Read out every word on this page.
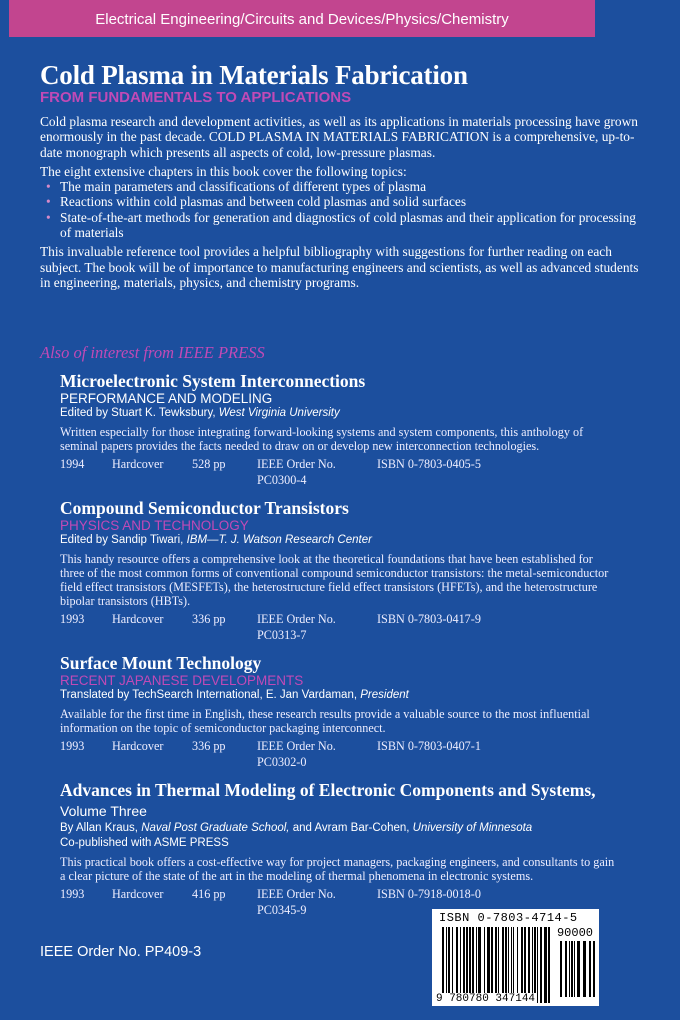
Electrical Engineering/Circuits and Devices/Physics/Chemistry
Cold Plasma in Materials Fabrication
FROM FUNDAMENTALS TO APPLICATIONS
Cold plasma research and development activities, as well as its applications in materials processing have grown enormously in the past decade. COLD PLASMA IN MATERIALS FABRICATION is a comprehensive, up-to-date monograph which presents all aspects of cold, low-pressure plasmas.
The eight extensive chapters in this book cover the following topics:
• The main parameters and classifications of different types of plasma
• Reactions within cold plasmas and between cold plasmas and solid surfaces
• State-of-the-art methods for generation and diagnostics of cold plasmas and their application for processing of materials
This invaluable reference tool provides a helpful bibliography with suggestions for further reading on each subject. The book will be of importance to manufacturing engineers and scientists, as well as advanced students in engineering, materials, physics, and chemistry programs.
Also of interest from IEEE PRESS
Microelectronic System Interconnections
PERFORMANCE AND MODELING
Edited by Stuart K. Tewksbury, West Virginia University
Written especially for those integrating forward-looking systems and system components, this anthology of seminal papers provides the facts needed to draw on or develop new interconnection technologies.
1994	Hardcover	528 pp	IEEE Order No. PC0300-4
ISBN 0-7803-0405-5
Compound Semiconductor Transistors
PHYSICS AND TECHNOLOGY
Edited by Sandip Tiwari, IBM—T. J. Watson Research Center
This handy resource offers a comprehensive look at the theoretical foundations that have been established for three of the most common forms of conventional compound semiconductor transistors: the metal-semiconductor field effect transistors (MESFETs), the heterostructure field effect transistors (HFETs), and the heterostructure bipolar transistors (HBTs).
1993	Hardcover	336 pp	IEEE Order No. PC0313-7
ISBN 0-7803-0417-9
Surface Mount Technology
RECENT JAPANESE DEVELOPMENTS
Translated by TechSearch International, E. Jan Vardaman, President
Available for the first time in English, these research results provide a valuable source to the most influential information on the topic of semiconductor packaging interconnect.
1993	Hardcover	336 pp	IEEE Order No. PC0302-0
ISBN 0-7803-0407-1
Advances in Thermal Modeling of Electronic Components and Systems, Volume Three
By Allan Kraus, Naval Post Graduate School, and Avram Bar-Cohen, University of Minnesota
Co-published with ASME PRESS
This practical book offers a cost-effective way for project managers, packaging engineers, and consultants to gain a clear picture of the state of the art in the modeling of thermal phenomena in electronic systems.
1993	Hardcover	416 pp	IEEE Order No. PC0345-9
ISBN 0-7918-0018-0
IEEE Order No. PP409-3
ISBN 0-7803-4714-5
90000
9 780780 347144
